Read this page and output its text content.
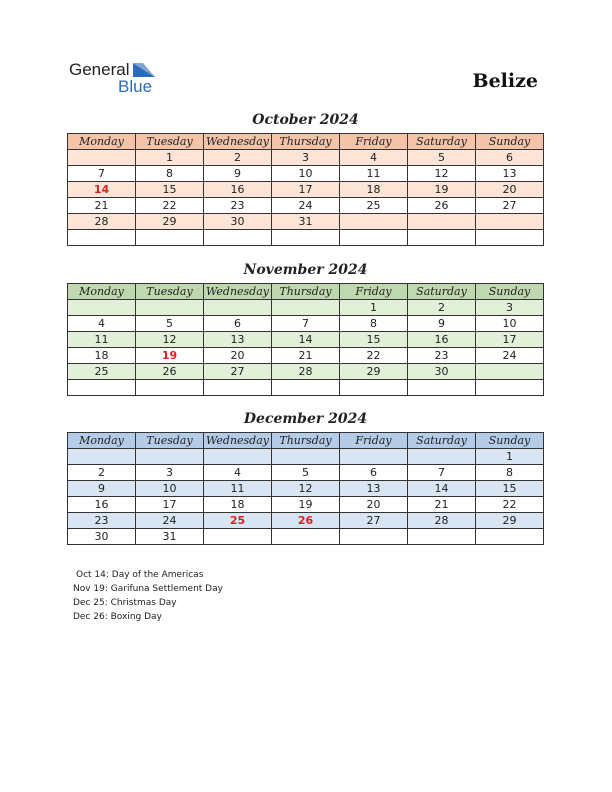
General
Blue	Belize
October 2024
Monday	Tuesday	Wednesday	Thursday	Friday	Saturday	Sunday
	1	2	3	4	5	6
7	8	9	10	11	12	13
14	15	16	17	18	19	20
21	22	23	24	25	26	27
28	29	30	31			

November 2024
Monday	Tuesday	Wednesday	Thursday	Friday	Saturday	Sunday
				1	2	3
4	5	6	7	8	9	10
11	12	13	14	15	16	17
18	19	20	21	22	23	24
25	26	27	28	29	30	

December 2024
Monday	Tuesday	Wednesday	Thursday	Friday	Saturday	Sunday
						1
2	3	4	5	6	7	8
9	10	11	12	13	14	15
16	17	18	19	20	21	22
23	24	25	26	27	28	29
30	31					
Oct 14: Day of the Americas
Nov 19: Garifuna Settlement Day
Dec 25: Christmas Day
Dec 26: Boxing Day
